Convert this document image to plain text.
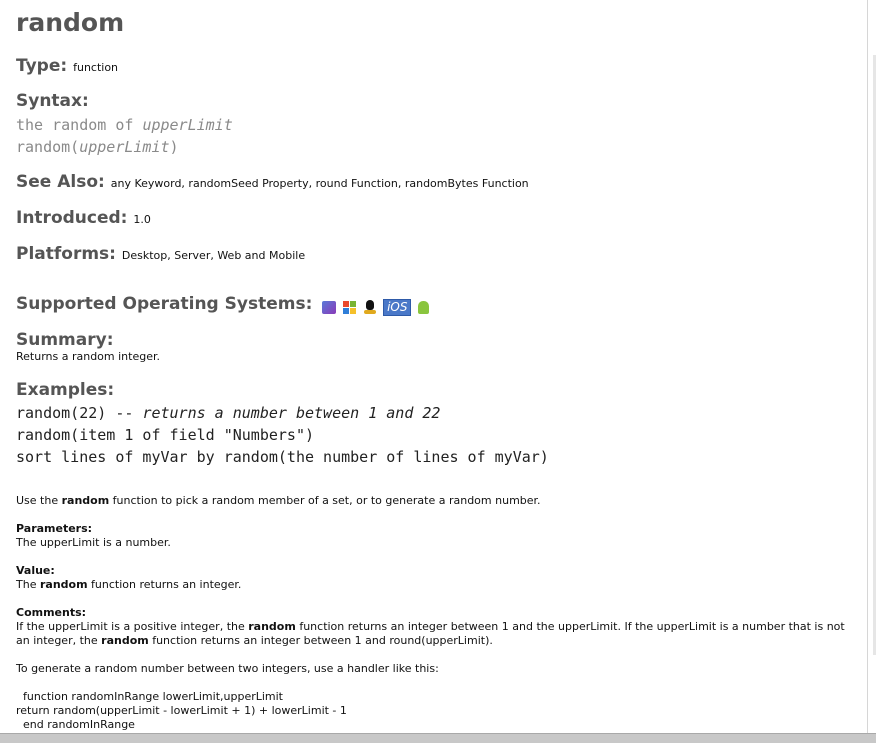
random
Type: function
Syntax:
the random of upperLimit
random(upperLimit)
See Also: any Keyword, randomSeed Property, round Function, randomBytes Function
Introduced: 1.0
Platforms: Desktop, Server, Web and Mobile
Supported Operating Systems:	iOS
Summary:
Returns a random integer.
Examples:
random(22) -- returns a number between 1 and 22
random(item 1 of field "Numbers")
sort lines of myVar by random(the number of lines of myVar)
Use the random function to pick a random member of a set, or to generate a random number.
Parameters:
The upperLimit is a number.
Value:
The random function returns an integer.
Comments:
If the upperLimit is a positive integer, the random function returns an integer between 1 and the upperLimit. If the upperLimit is a number that is not an integer, the random function returns an integer between 1 and round(upperLimit).
To generate a random number between two integers, use a handler like this:
function randomInRange lowerLimit,upperLimit
return random(upperLimit - lowerLimit + 1) + lowerLimit - 1
end randomInRange
